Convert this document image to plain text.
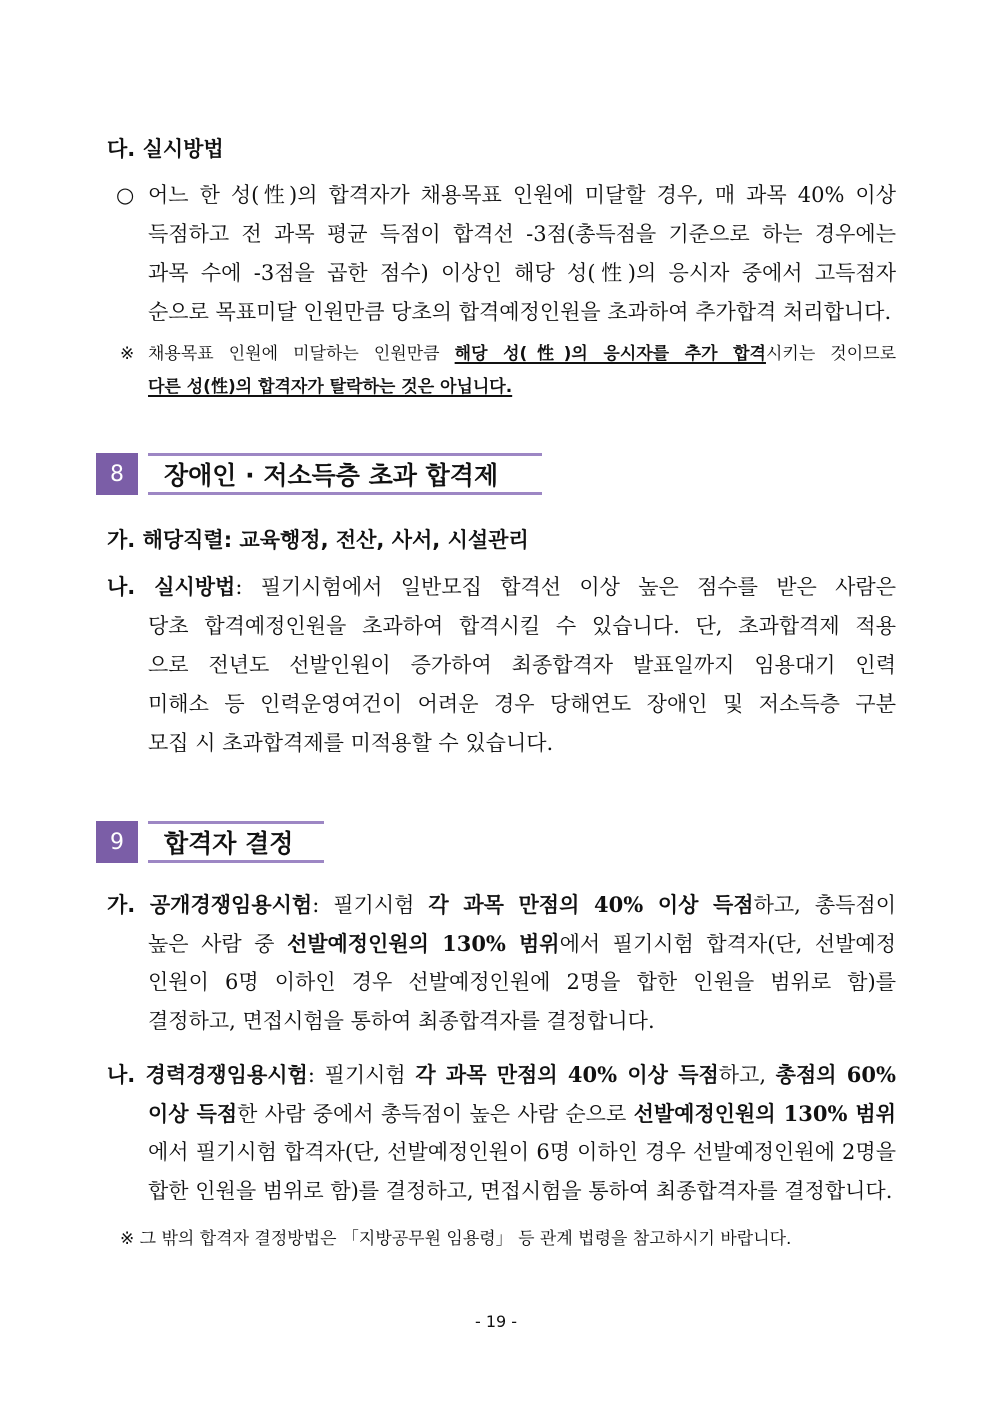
다. 실시방법
○ 어느 한 성(性)의 합격자가 채용목표 인원에 미달할 경우, 매 과목 40% 이상
득점하고 전 과목 평균 득점이 합격선 -3점(총득점을 기준으로 하는 경우에는
과목 수에 -3점을 곱한 점수) 이상인 해당 성(性)의 응시자 중에서 고득점자
순으로 목표미달 인원만큼 당초의 합격예정인원을 초과하여 추가합격 처리합니다.
※ 채용목표 인원에 미달하는 인원만큼 해당 성(性)의 응시자를 추가 합격시키는 것이므로
다른 성(性)의 합격자가 탈락하는 것은 아닙니다.
8	장애인 · 저소득층 초과 합격제
가. 해당직렬: 교육행정, 전산, 사서, 시설관리
나. 실시방법: 필기시험에서 일반모집 합격선 이상 높은 점수를 받은 사람은
당초 합격예정인원을 초과하여 합격시킬 수 있습니다. 단, 초과합격제 적용
으로 전년도 선발인원이 증가하여 최종합격자 발표일까지 임용대기 인력
미해소 등 인력운영여건이 어려운 경우 당해연도 장애인 및 저소득층 구분
모집 시 초과합격제를 미적용할 수 있습니다.
9	합격자 결정
가. 공개경쟁임용시험: 필기시험 각 과목 만점의 40% 이상 득점하고, 총득점이
높은 사람 중 선발예정인원의 130% 범위에서 필기시험 합격자(단, 선발예정
인원이 6명 이하인 경우 선발예정인원에 2명을 합한 인원을 범위로 함)를
결정하고, 면접시험을 통하여 최종합격자를 결정합니다.
나. 경력경쟁임용시험: 필기시험 각 과목 만점의 40% 이상 득점하고, 총점의 60%
이상 득점한 사람 중에서 총득점이 높은 사람 순으로 선발예정인원의 130% 범위
에서 필기시험 합격자(단, 선발예정인원이 6명 이하인 경우 선발예정인원에 2명을
합한 인원을 범위로 함)를 결정하고, 면접시험을 통하여 최종합격자를 결정합니다.
※ 그 밖의 합격자 결정방법은 「지방공무원 임용령」 등 관계 법령을 참고하시기 바랍니다.
- 19 -
